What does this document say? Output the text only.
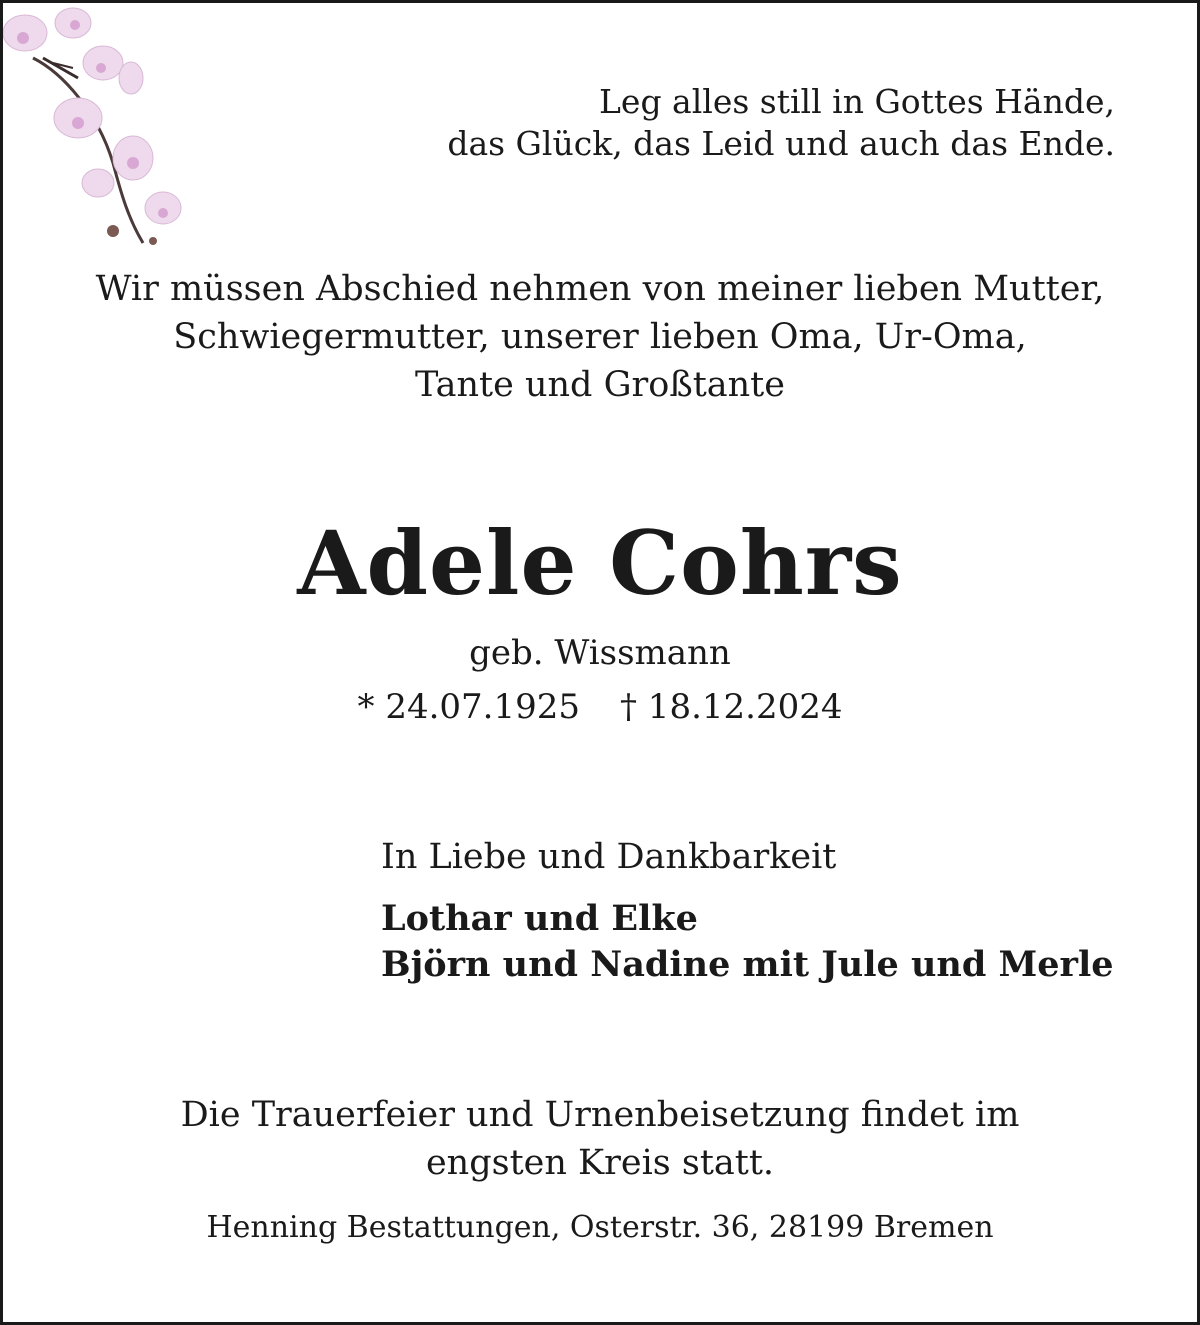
Leg alles still in Gottes Hände,
das Glück, das Leid und auch das Ende.
Wir müssen Abschied nehmen von meiner lieben Mutter,
Schwiegermutter, unserer lieben Oma, Ur-Oma,
Tante und Großtante
Adele Cohrs
geb. Wissmann
* 24.07.1925 † 18.12.2024
In Liebe und Dankbarkeit
Lothar und Elke
Björn und Nadine mit Jule und Merle
Die Trauerfeier und Urnenbeisetzung findet im
engsten Kreis statt.
Henning Bestattungen, Osterstr. 36, 28199 Bremen
